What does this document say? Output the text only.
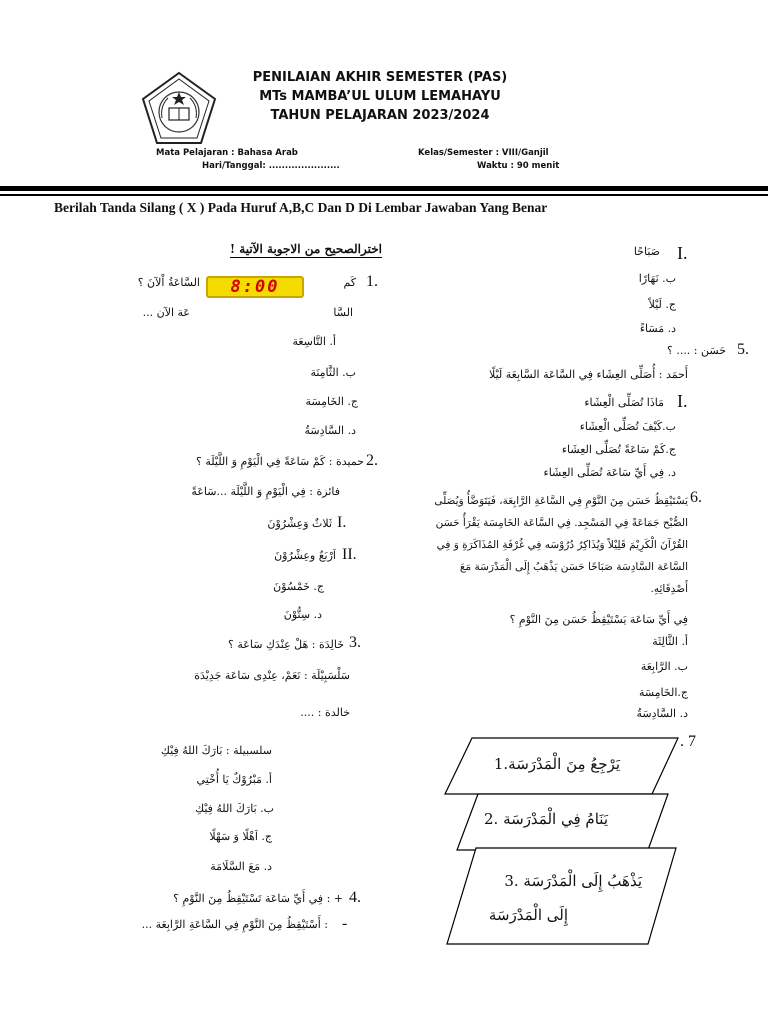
PENILAIAN AKHIR SEMESTER (PAS)
MTs MAMBA’UL ULUM LEMAHAYU
TAHUN PELAJARAN 2023/2024
Mata Pelajaran : Bahasa Arab
Hari/Tanggal: ......................
Kelas/Semester : VIII/Ganjil
Waktu : 90 menit
Berilah Tanda Silang ( X ) Pada Huruf A,B,C Dan D Di Lembar Jawaban Yang Benar
اخترالصحيح من الاجوبة الآتية !
1.
كَم
8:00
السَّاعَةُ اْلآنَ ؟
السَّا
عَة الآن ...
أ. التَّاسِعَة
ب. الثَّامِنَة
ج. الخَامِسَة
د. السَّادِسَةُ
2.
حميدة : كَمْ سَاعَةً فِي الْيَوْمِ وَ اللَّيْلَة ؟
فائزة : فِي الْيَوْمِ وَ اللَّيْلَة ...سَاعَةً
I.
ثَلاثٌ وَعِشْرُوْنَ
II.
اَرْبَعٌ وعِشْرُوْنَ
ج. خَمْسُوْنَ
د. سِتُّوْنَ
3.
خَالِدَة : هَلْ عِنْدَكِ سَاعَة ؟
سَلْسَبِيْلَة : نَعَمْ، عِنْدِى سَاعَة جَدِيْدَة
خالدة : ....
سلسبيلة : بَارَكَ اللهُ فِيْكِ
أ. مَبْرُوْكٌ يَا أُخْتِي
ب. بَارَكَ اللهُ فِيْكِ
ج. اَهْلًا وَ سَهْلًا
د. مَعَ السَّلَامَة
4.
+ : فِي أَيِّ سَاعَة تَسْتَيْقِظُ مِنَ النَّوْمِ ؟
-
: أَسْتَيْقِظُ مِنَ النَّوْمِ فِي السَّاعَةِ الرَّابِعَة ...
I.
صَبَاحًا
ب. نَهَارًا
ج. لَيْلاً
د. مَسَاءً
5.
حَسَن : .... ؟
أَحمَد : أُصَلِّى العِشَاء فِي السَّاعَة السَّابِعَة لَيْلًا
I.
مَاذَا تُصَلِّى الْعِشَاء
ب.كَيْفَ تُصَلِّى الْعِشَاء
ج.كَمْ سَاعَةً تُصَلِّى العِشَاء
د. فِي أَيِّ سَاعَة تُصَلِّى العِشَاء
6.
يَسْتَيْقِظُ حَسَن مِنَ النَّوْمِ فِي السَّاعَةِ الرَّابِعَة، فَيَتَوَضَّأُ وَيُصَلِّى
الصُّبْح جَمَاعَةً فِي المَسْجِد. فِي السَّاعَة الخَامِسَة يَقْرَأُ حَسَن
القُرْآنَ الْكَرِيْمَ قَلِيْلاً وَيُذَاكِرُ دُرُوْسَه فِي غُرْفَةِ المُذَاكَرَةِ وَ فِي
السَّاعَة السَّادِسَة صَبَاحًا حَسَن يَذْهَبُ إِلَى الْمَدْرَسَة مَعَ
أَصْدِقَائِهِ.
فِي أَيِّ سَاعَة يَسْتَيْقِظُ حَسَن مِنَ النَّوْمِ ؟
أ. الثَّالِثَة
ب. الرَّابِعَة
ج.الخَامِسَة
د. السَّادِسَةُ
. 7
يَرْجِعُ مِنَ الْمَدْرَسَة.1
يَنَامُ فِي الْمَدْرَسَة .2
يَذْهَبُ إِلَى الْمَدْرَسَة .3
إِلَى الْمَدْرَسَة
